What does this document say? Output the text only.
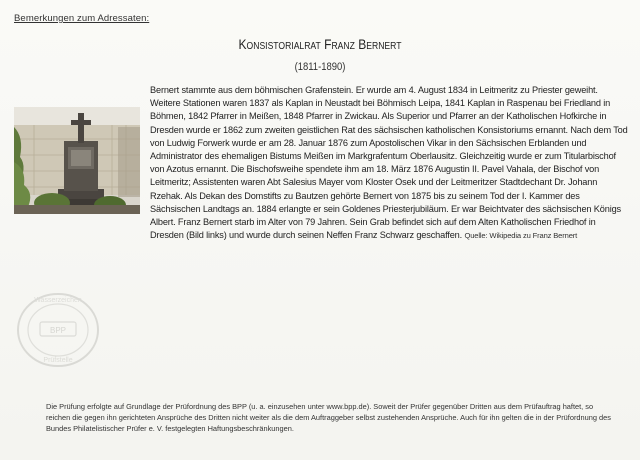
Bemerkungen zum Adressaten:
Konsistorialrat Franz Bernert
(1811-1890)
Bernert stammte aus dem böhmischen Grafenstein. Er wurde am 4. August 1834 in Leitmeritz zu Priester geweiht. Weitere Stationen waren 1837 als Kaplan in Neustadt bei Böhmisch Leipa, 1841 Kaplan in Raspenau bei Friedland in Böhmen, 1842 Pfarrer in Meißen, 1848 Pfarrer in Zwickau. Als Superior und Pfarrer an der Katholischen Hofkirche in Dresden wurde er 1862 zum zweiten geistlichen Rat des sächsischen katholischen Konsistoriums ernannt. Nach dem Tod von Ludwig Forwerk wurde er am 28. Januar 1876 zum Apostolischen Vikar in den Sächsischen Erblanden und Administrator des ehemaligen Bistums Meißen im Markgrafentum Oberlausitz. Gleichzeitig wurde er zum Titularbischof von Azotus ernannt. Die Bischofsweihe spendete ihm am 18. März 1876 Augustin II. Pavel Vahala, der Bischof von Leitmeritz; Assistenten waren Abt Salesius Mayer vom Kloster Osek und der Leitmeritzer Stadtdechant Dr. Johann Rzehak. Als Dekan des Domstifts zu Bautzen gehörte Bernert von 1875 bis zu seinem Tod der I. Kammer des Sächsischen Landtags an. 1884 erlangte er sein Goldenes Priesterjubiläum. Er war Beichtvater des sächsischen Königs Albert. Franz Bernert starb im Alter von 79 Jahren. Sein Grab befindet sich auf dem Alten Katholischen Friedhof in Dresden (Bild links) und wurde durch seinen Neffen Franz Schwarz geschaffen. Quelle: Wikipedia zu Franz Bernert
BPP
Wasserzeichen
Prüfstelle
Die Prüfung erfolgte auf Grundlage der Prüfordnung des BPP (u. a. einzusehen unter www.bpp.de). Soweit der Prüfer gegenüber Dritten aus dem Prüfauftrag haftet, so reichen die gegen ihn gerichteten Ansprüche des Dritten nicht weiter als die dem Auftraggeber selbst zustehenden Ansprüche. Auch für ihn gelten die in der Prüfordnung des Bundes Philatelistischer Prüfer e. V. festgelegten Haftungsbeschränkungen.
